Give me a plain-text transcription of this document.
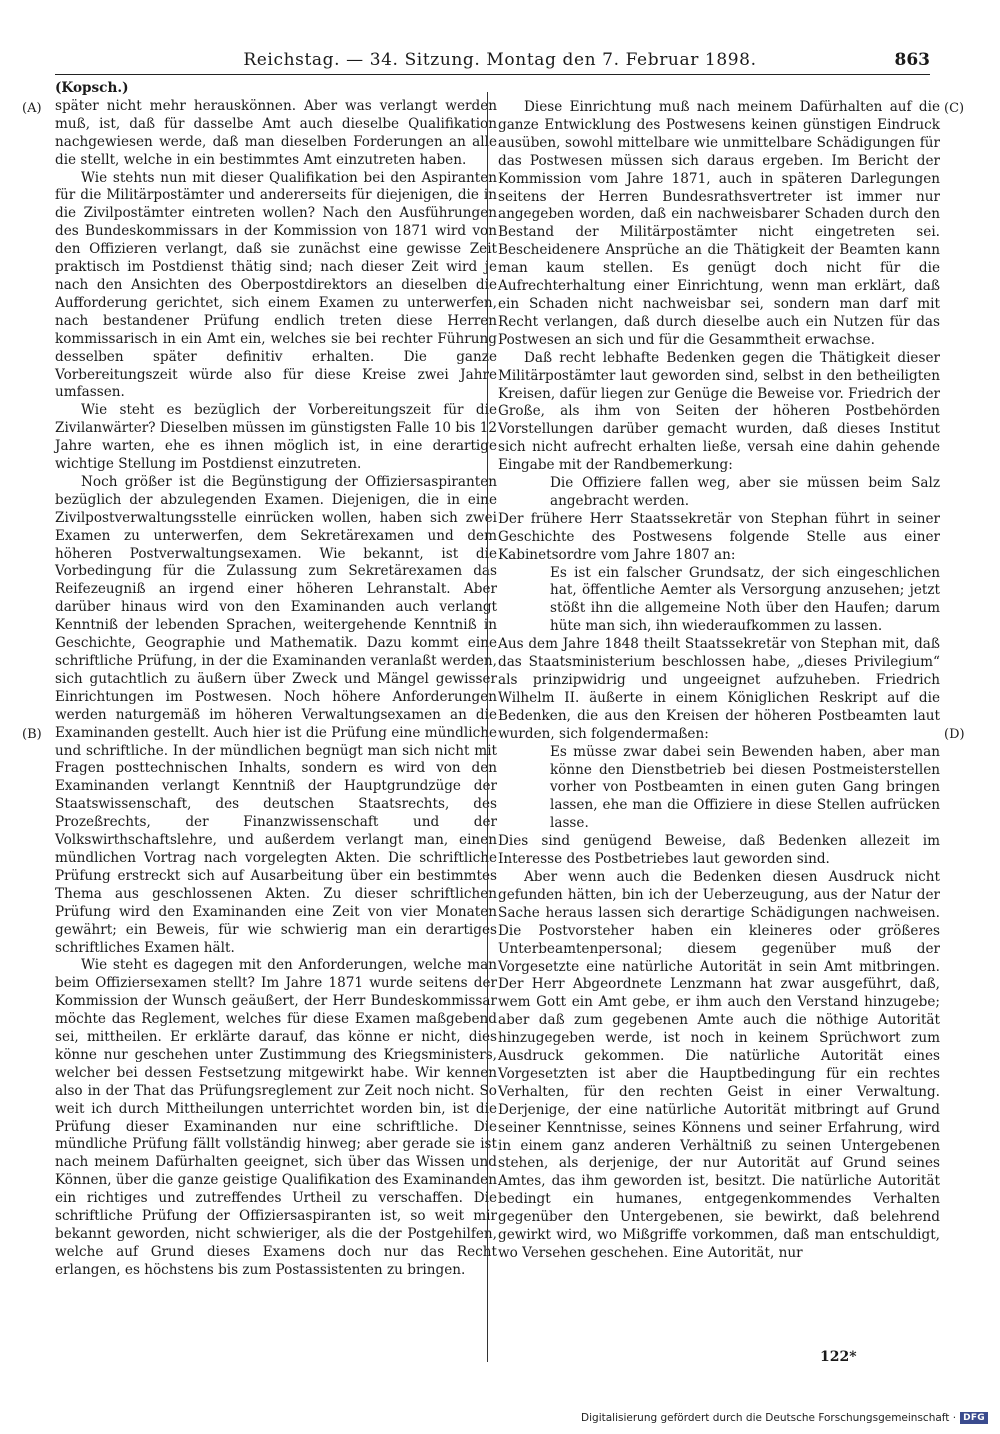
Reichstag. — 34. Sitzung. Montag den 7. Februar 1898.	863
(A)
(B)
(C)
(D)

(Kopsch.)

später nicht mehr herauskönnen. Aber was verlangt werden muß, ist, daß für dasselbe Amt auch dieselbe Qualifikation nachgewiesen werde, daß man dieselben Forderungen an alle die stellt, welche in ein bestimmtes Amt einzutreten haben.

Wie stehts nun mit dieser Qualifikation bei den Aspiranten für die Militärpostämter und andererseits für diejenigen, die in die Zivilpostämter eintreten wollen? Nach den Ausführungen des Bundeskommissars in der Kommission von 1871 wird von den Offizieren verlangt, daß sie zunächst eine gewisse Zeit praktisch im Postdienst thätig sind; nach dieser Zeit wird je nach den Ansichten des Oberpostdirektors an dieselben die Aufforderung gerichtet, sich einem Examen zu unterwerfen, nach bestandener Prüfung endlich treten diese Herren kommissarisch in ein Amt ein, welches sie bei rechter Führung desselben später definitiv erhalten. Die ganze Vorbereitungszeit würde also für diese Kreise zwei Jahre umfassen.

Wie steht es bezüglich der Vorbereitungszeit für die Zivilanwärter? Dieselben müssen im günstigsten Falle 10 bis 12 Jahre warten, ehe es ihnen möglich ist, in eine derartige wichtige Stellung im Postdienst einzutreten.

Noch größer ist die Begünstigung der Offiziersaspiranten bezüglich der abzulegenden Examen. Diejenigen, die in eine Zivilpostverwaltungsstelle einrücken wollen, haben sich zwei Examen zu unterwerfen, dem Sekretärexamen und dem höheren Postverwaltungsexamen. Wie bekannt, ist die Vorbedingung für die Zulassung zum Sekretärexamen das Reifezeugniß an irgend einer höheren Lehranstalt. Aber darüber hinaus wird von den Examinanden auch verlangt Kenntniß der lebenden Sprachen, weitergehende Kenntniß in Geschichte, Geographie und Mathematik. Dazu kommt eine schriftliche Prüfung, in der die Examinanden veranlaßt werden, sich gutachtlich zu äußern über Zweck und Mängel gewisser Einrichtungen im Postwesen. Noch höhere Anforderungen werden naturgemäß im höheren Verwaltungsexamen an die Examinanden gestellt. Auch hier ist die Prüfung eine mündliche und schriftliche. In der mündlichen begnügt man sich nicht mit Fragen posttechnischen Inhalts, sondern es wird von den Examinanden verlangt Kenntniß der Hauptgrundzüge der Staatswissenschaft, des deutschen Staatsrechts, des Prozeßrechts, der Finanzwissenschaft und der Volkswirthschaftslehre, und außerdem verlangt man, einen mündlichen Vortrag nach vorgelegten Akten. Die schriftliche Prüfung erstreckt sich auf Ausarbeitung über ein bestimmtes Thema aus geschlossenen Akten. Zu dieser schriftlichen Prüfung wird den Examinanden eine Zeit von vier Monaten gewährt; ein Beweis, für wie schwierig man ein derartiges schriftliches Examen hält.

Wie steht es dagegen mit den Anforderungen, welche man beim Offiziersexamen stellt? Im Jahre 1871 wurde seitens der Kommission der Wunsch geäußert, der Herr Bundeskommissar möchte das Reglement, welches für diese Examen maßgebend sei, mittheilen. Er erklärte darauf, das könne er nicht, dies könne nur geschehen unter Zustimmung des Kriegsministers, welcher bei dessen Festsetzung mitgewirkt habe. Wir kennen also in der That das Prüfungsreglement zur Zeit noch nicht. So weit ich durch Mittheilungen unterrichtet worden bin, ist die Prüfung dieser Examinanden nur eine schriftliche. Die mündliche Prüfung fällt vollständig hinweg; aber gerade sie ist nach meinem Dafürhalten geeignet, sich über das Wissen und Können, über die ganze geistige Qualifikation des Examinanden ein richtiges und zutreffendes Urtheil zu verschaffen. Die schriftliche Prüfung der Offiziersaspiranten ist, so weit mir bekannt geworden, nicht schwieriger, als die der Postgehilfen, welche auf Grund dieses Examens doch nur das Recht erlangen, es höchstens bis zum Postassistenten zu bringen.

Diese Einrichtung muß nach meinem Dafürhalten auf die ganze Entwicklung des Postwesens keinen günstigen Eindruck ausüben, sowohl mittelbare wie unmittelbare Schädigungen für das Postwesen müssen sich daraus ergeben. Im Bericht der Kommission vom Jahre 1871, auch in späteren Darlegungen seitens der Herren Bundesrathsvertreter ist immer nur angegeben worden, daß ein nachweisbarer Schaden durch den Bestand der Militärpostämter nicht eingetreten sei. Bescheidenere Ansprüche an die Thätigkeit der Beamten kann man kaum stellen. Es genügt doch nicht für die Aufrechterhaltung einer Einrichtung, wenn man erklärt, daß ein Schaden nicht nachweisbar sei, sondern man darf mit Recht verlangen, daß durch dieselbe auch ein Nutzen für das Postwesen an sich und für die Gesammtheit erwachse.

Daß recht lebhafte Bedenken gegen die Thätigkeit dieser Militärpostämter laut geworden sind, selbst in den betheiligten Kreisen, dafür liegen zur Genüge die Beweise vor. Friedrich der Große, als ihm von Seiten der höheren Postbehörden Vorstellungen darüber gemacht wurden, daß dieses Institut sich nicht aufrecht erhalten ließe, versah eine dahin gehende Eingabe mit der Randbemerkung:

Die Offiziere fallen weg, aber sie müssen beim Salz angebracht werden.

Der frühere Herr Staatssekretär von Stephan führt in seiner Geschichte des Postwesens folgende Stelle aus einer Kabinetsordre vom Jahre 1807 an:

Es ist ein falscher Grundsatz, der sich eingeschlichen hat, öffentliche Aemter als Versorgung anzusehen; jetzt stößt ihn die allgemeine Noth über den Haufen; darum hüte man sich, ihn wiederaufkommen zu lassen.

Aus dem Jahre 1848 theilt Staatssekretär von Stephan mit, daß das Staatsministerium beschlossen habe, „dieses Privilegium“ als prinzipwidrig und ungeeignet aufzuheben. Friedrich Wilhelm II. äußerte in einem Königlichen Reskript auf die Bedenken, die aus den Kreisen der höheren Postbeamten laut wurden, sich folgendermaßen:

Es müsse zwar dabei sein Bewenden haben, aber man könne den Dienstbetrieb bei diesen Postmeisterstellen vorher von Postbeamten in einen guten Gang bringen lassen, ehe man die Offiziere in diese Stellen aufrücken lasse.

Dies sind genügend Beweise, daß Bedenken allezeit im Interesse des Postbetriebes laut geworden sind.

Aber wenn auch die Bedenken diesen Ausdruck nicht gefunden hätten, bin ich der Ueberzeugung, aus der Natur der Sache heraus lassen sich derartige Schädigungen nachweisen. Die Postvorsteher haben ein kleineres oder größeres Unterbeamtenpersonal; diesem gegenüber muß der Vorgesetzte eine natürliche Autorität in sein Amt mitbringen. Der Herr Abgeordnete Lenzmann hat zwar ausgeführt, daß, wem Gott ein Amt gebe, er ihm auch den Verstand hinzugebe; aber daß zum gegebenen Amte auch die nöthige Autorität hinzugegeben werde, ist noch in keinem Sprüchwort zum Ausdruck gekommen. Die natürliche Autorität eines Vorgesetzten ist aber die Hauptbedingung für ein rechtes Verhalten, für den rechten Geist in einer Verwaltung. Derjenige, der eine natürliche Autorität mitbringt auf Grund seiner Kenntnisse, seines Könnens und seiner Erfahrung, wird in einem ganz anderen Verhältniß zu seinen Untergebenen stehen, als derjenige, der nur Autorität auf Grund seines Amtes, das ihm geworden ist, besitzt. Die natürliche Autorität bedingt ein humanes, entgegenkommendes Verhalten gegenüber den Untergebenen, sie bewirkt, daß belehrend gewirkt wird, wo Mißgriffe vorkommen, daß man entschuldigt, wo Versehen geschehen. Eine Autorität, nur

122*
Digitalisierung gefördert durch die Deutsche Forschungsgemeinschaft · DFG
